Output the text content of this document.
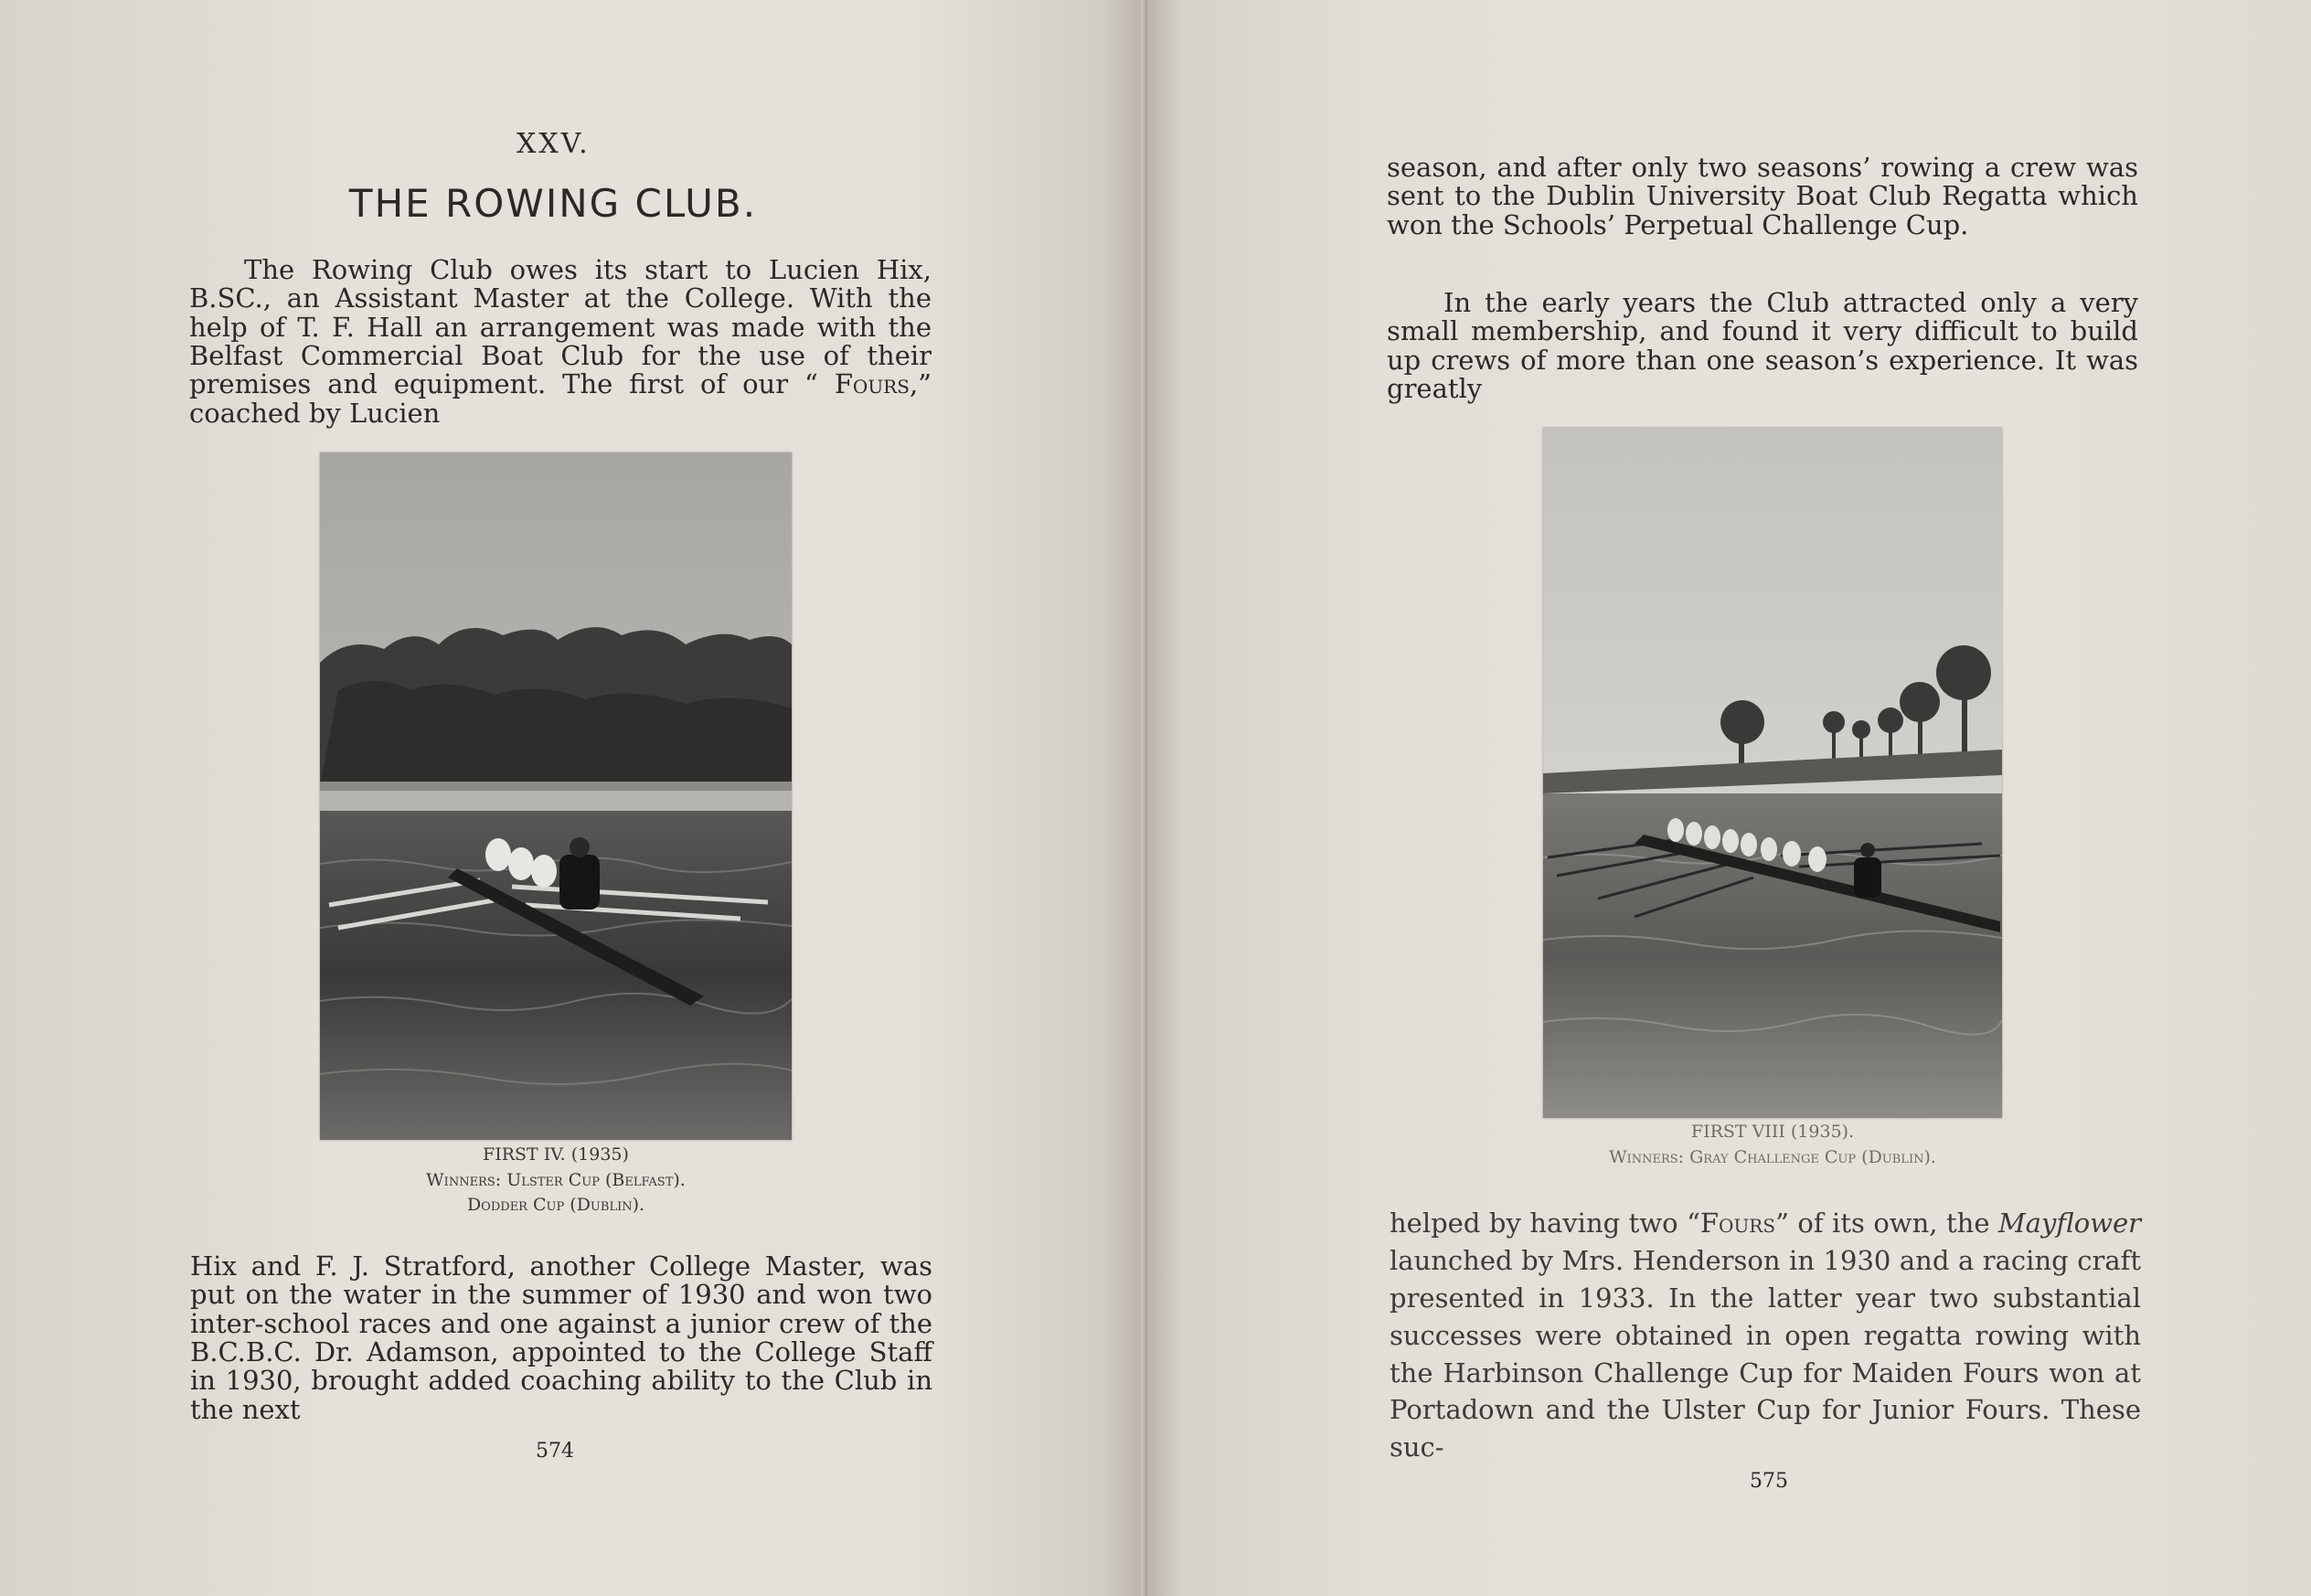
XXV.
THE ROWING CLUB.

The Rowing Club owes its start to Lucien Hix, B.SC., an Assistant Master at the College. With the help of T. F. Hall an arrangement was made with the Belfast Commercial Boat Club for the use of their premises and equipment. The first of our “ Fours,” coached by Lucien

FIRST IV. (1935)
Winners: Ulster Cup (Belfast).
Dodder Cup (Dublin).

Hix and F. J. Stratford, another College Master, was put on the water in the summer of 1930 and won two inter-school races and one against a junior crew of the B.C.B.C. Dr. Adamson, appointed to the College Staff in 1930, brought added coaching ability to the Club in the next

574

season, and after only two seasons’ rowing a crew was sent to the Dublin University Boat Club Regatta which won the Schools’ Perpetual Challenge Cup.

In the early years the Club attracted only a very small membership, and found it very difficult to build up crews of more than one season’s experience. It was greatly

FIRST VIII (1935).
Winners: Gray Challenge Cup (Dublin).

helped by having two “Fours” of its own, the Mayflower launched by Mrs. Henderson in 1930 and a racing craft presented in 1933. In the latter year two substantial successes were obtained in open regatta rowing with the Harbinson Challenge Cup for Maiden Fours won at Portadown and the Ulster Cup for Junior Fours. These suc-

575
